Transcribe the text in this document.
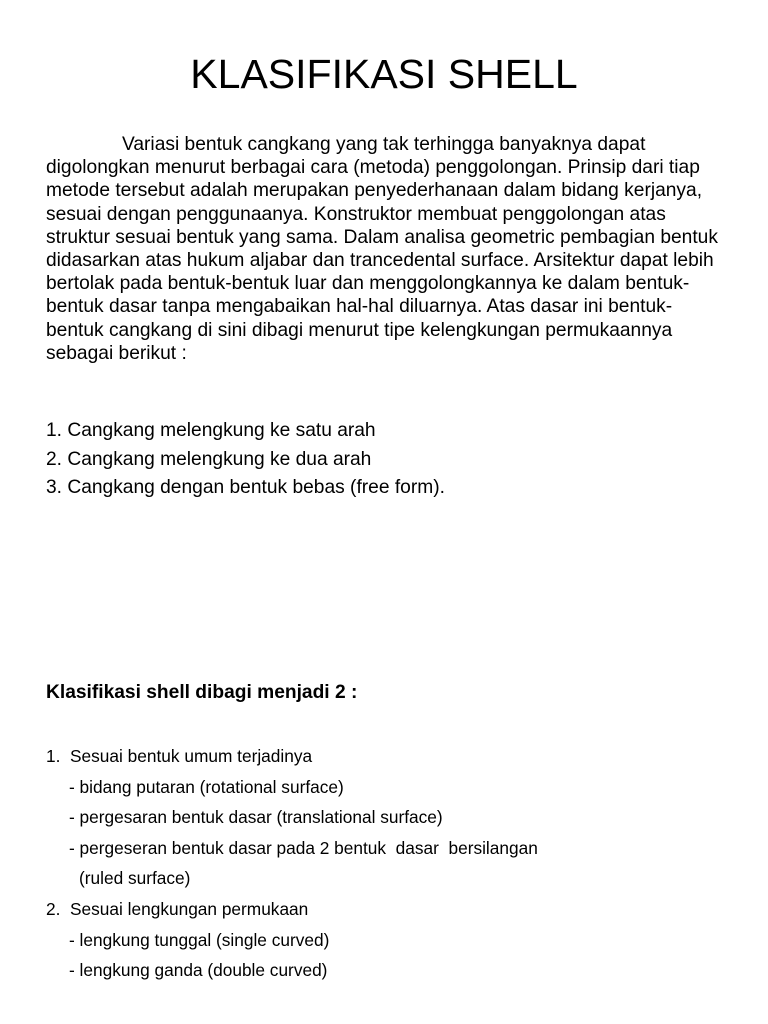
KLASIFIKASI SHELL

Variasi bentuk cangkang yang tak terhingga banyaknya dapat digolongkan menurut berbagai cara (metoda) penggolongan. Prinsip dari tiap metode tersebut adalah merupakan penyederhanaan dalam bidang kerjanya, sesuai dengan penggunaanya. Konstruktor membuat penggolongan atas struktur sesuai bentuk yang sama. Dalam analisa geometric pembagian bentuk didasarkan atas hukum aljabar dan trancedental surface. Arsitektur dapat lebih bertolak pada bentuk-bentuk luar dan menggolongkannya ke dalam bentuk-bentuk dasar tanpa mengabaikan hal-hal diluarnya. Atas dasar ini bentuk-bentuk cangkang di sini dibagi menurut tipe kelengkungan permukaannya sebagai berikut :

1. Cangkang melengkung ke satu arah
2. Cangkang melengkung ke dua arah
3. Cangkang dengan bentuk bebas (free form).
Klasifikasi shell dibagi menjadi 2 :
1.  Sesuai bentuk umum terjadinya
- bidang putaran (rotational surface)
- pergesaran bentuk dasar (translational surface)
- pergeseran bentuk dasar pada 2 bentuk  dasar  bersilangan
(ruled surface)
2.  Sesuai lengkungan permukaan
- lengkung tunggal (single curved)
- lengkung ganda (double curved)
